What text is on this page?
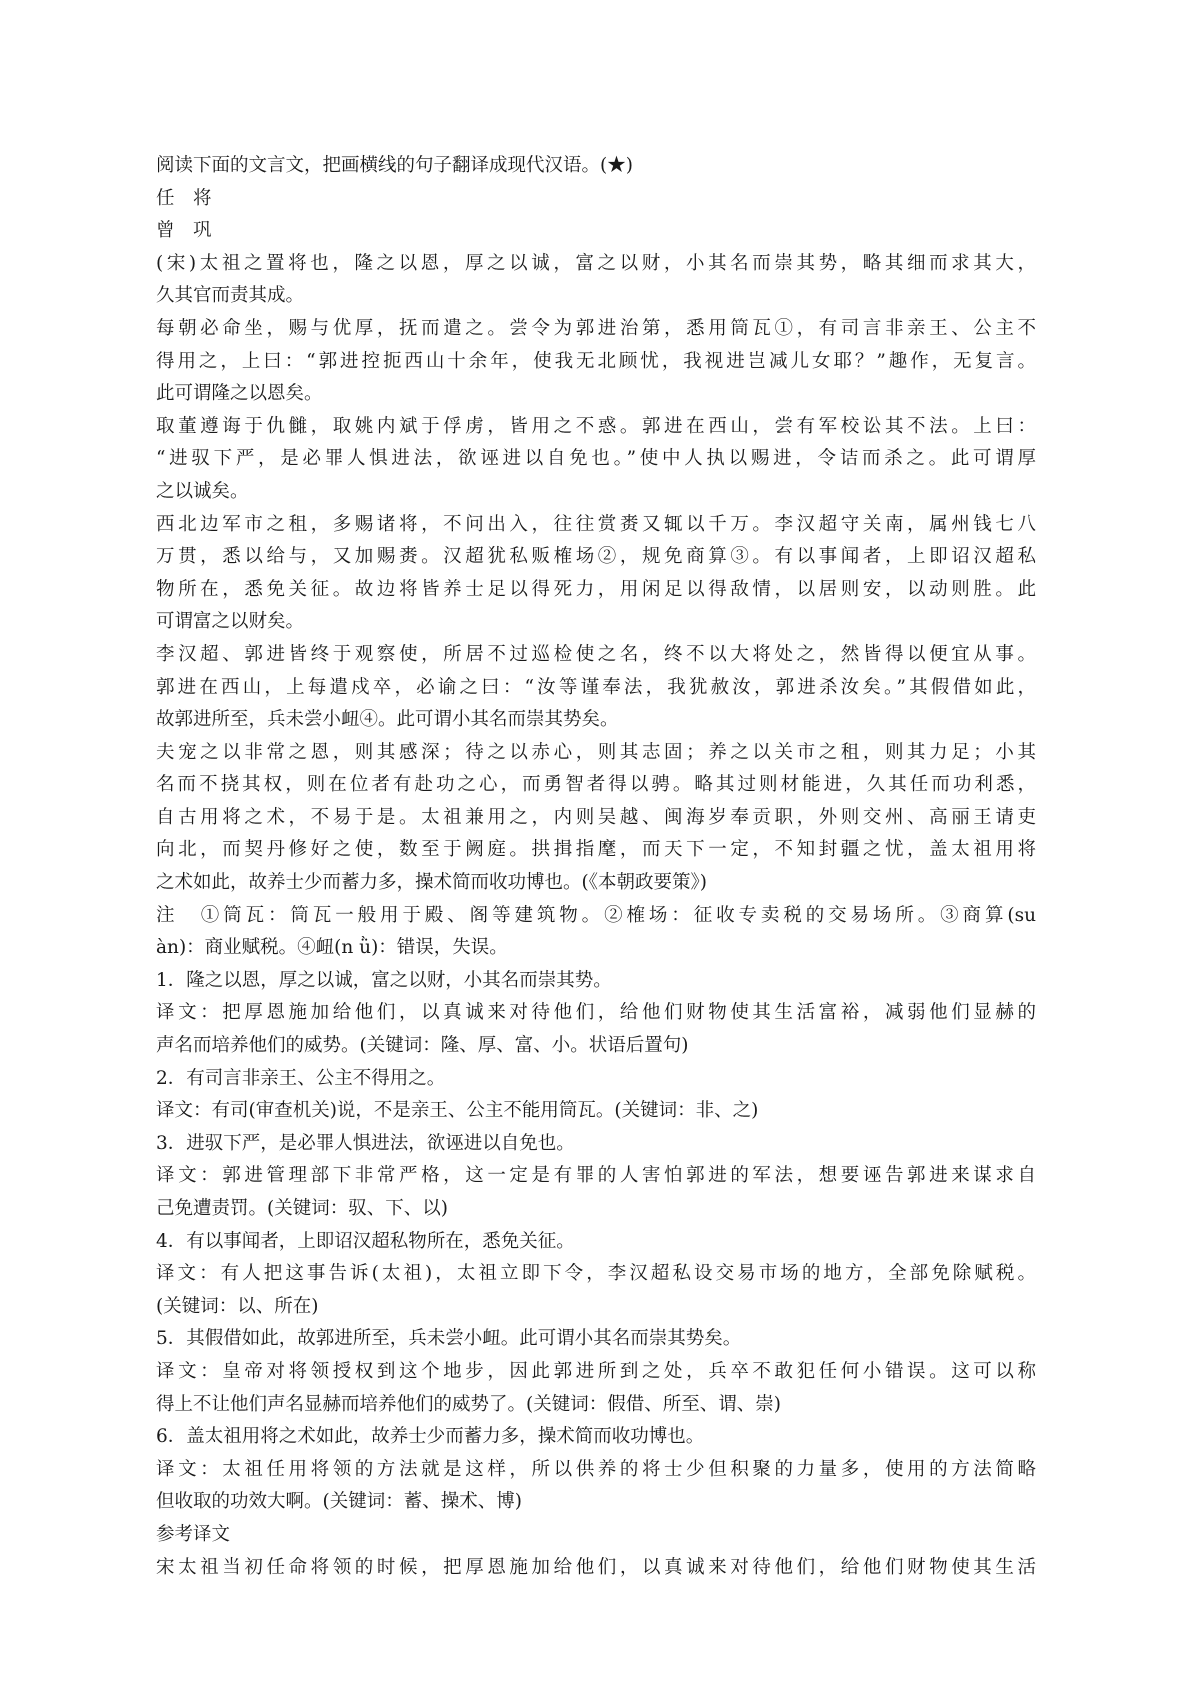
阅读下面的文言文，把画横线的句子翻译成现代汉语。(★)
任　将
曾　巩
(宋)太祖之置将也，隆之以恩，厚之以诚，富之以财，小其名而崇其势，略其细而求其大，
久其官而责其成。
每朝必命坐，赐与优厚，抚而遣之。尝令为郭进治第，悉用筒瓦①，有司言非亲王、公主不
得用之，上曰：“郭进控扼西山十余年，使我无北顾忧，我视进岂减儿女耶？”趣作，无复言。
此可谓隆之以恩矣。
取董遵诲于仇雠，取姚内斌于俘虏，皆用之不惑。郭进在西山，尝有军校讼其不法。上曰：
“进驭下严，是必罪人惧进法，欲诬进以自免也。”使中人执以赐进，令诘而杀之。此可谓厚
之以诚矣。
西北边军市之租，多赐诸将，不问出入，往往赏赉又辄以千万。李汉超守关南，属州钱七八
万贯，悉以给与，又加赐赉。汉超犹私贩榷场②，规免商算③。有以事闻者，上即诏汉超私
物所在，悉免关征。故边将皆养士足以得死力，用闲足以得敌情，以居则安，以动则胜。此
可谓富之以财矣。
李汉超、郭进皆终于观察使，所居不过巡检使之名，终不以大将处之，然皆得以便宜从事。
郭进在西山，上每遣戍卒，必谕之曰：“汝等谨奉法，我犹赦汝，郭进杀汝矣。”其假借如此，
故郭进所至，兵未尝小衄④。此可谓小其名而崇其势矣。
夫宠之以非常之恩，则其感深；待之以赤心，则其志固；养之以关市之租，则其力足；小其
名而不挠其权，则在位者有赴功之心，而勇智者得以骋。略其过则材能进，久其任而功利悉，
自古用将之术，不易于是。太祖兼用之，内则吴越、闽海岁奉贡职，外则交州、高丽王请吏
向北，而契丹修好之使，数至于阙庭。拱揖指麾，而天下一定，不知封疆之忧，盖太祖用将
之术如此，故养士少而蓄力多，操术简而收功博也。(《本朝政要策》)
注　①筒瓦：筒瓦一般用于殿、阁等建筑物。②榷场：征收专卖税的交易场所。③商算(su
àn)：商业赋税。④衄(n ǜ)：错误，失误。
1．隆之以恩，厚之以诚，富之以财，小其名而崇其势。
译文：把厚恩施加给他们，以真诚来对待他们，给他们财物使其生活富裕，减弱他们显赫的
声名而培养他们的威势。(关键词：隆、厚、富、小。状语后置句)
2．有司言非亲王、公主不得用之。
译文：有司(审查机关)说，不是亲王、公主不能用筒瓦。(关键词：非、之)
3．进驭下严，是必罪人惧进法，欲诬进以自免也。
译文：郭进管理部下非常严格，这一定是有罪的人害怕郭进的军法，想要诬告郭进来谋求自
己免遭责罚。(关键词：驭、下、以)
4．有以事闻者，上即诏汉超私物所在，悉免关征。
译文：有人把这事告诉(太祖)，太祖立即下令，李汉超私设交易市场的地方，全部免除赋税。
(关键词：以、所在)
5．其假借如此，故郭进所至，兵未尝小衄。此可谓小其名而崇其势矣。
译文：皇帝对将领授权到这个地步，因此郭进所到之处，兵卒不敢犯任何小错误。这可以称
得上不让他们声名显赫而培养他们的威势了。(关键词：假借、所至、谓、崇)
6．盖太祖用将之术如此，故养士少而蓄力多，操术简而收功博也。
译文：太祖任用将领的方法就是这样，所以供养的将士少但积聚的力量多，使用的方法简略
但收取的功效大啊。(关键词：蓄、操术、博)
参考译文
宋太祖当初任命将领的时候，把厚恩施加给他们，以真诚来对待他们，给他们财物使其生活
